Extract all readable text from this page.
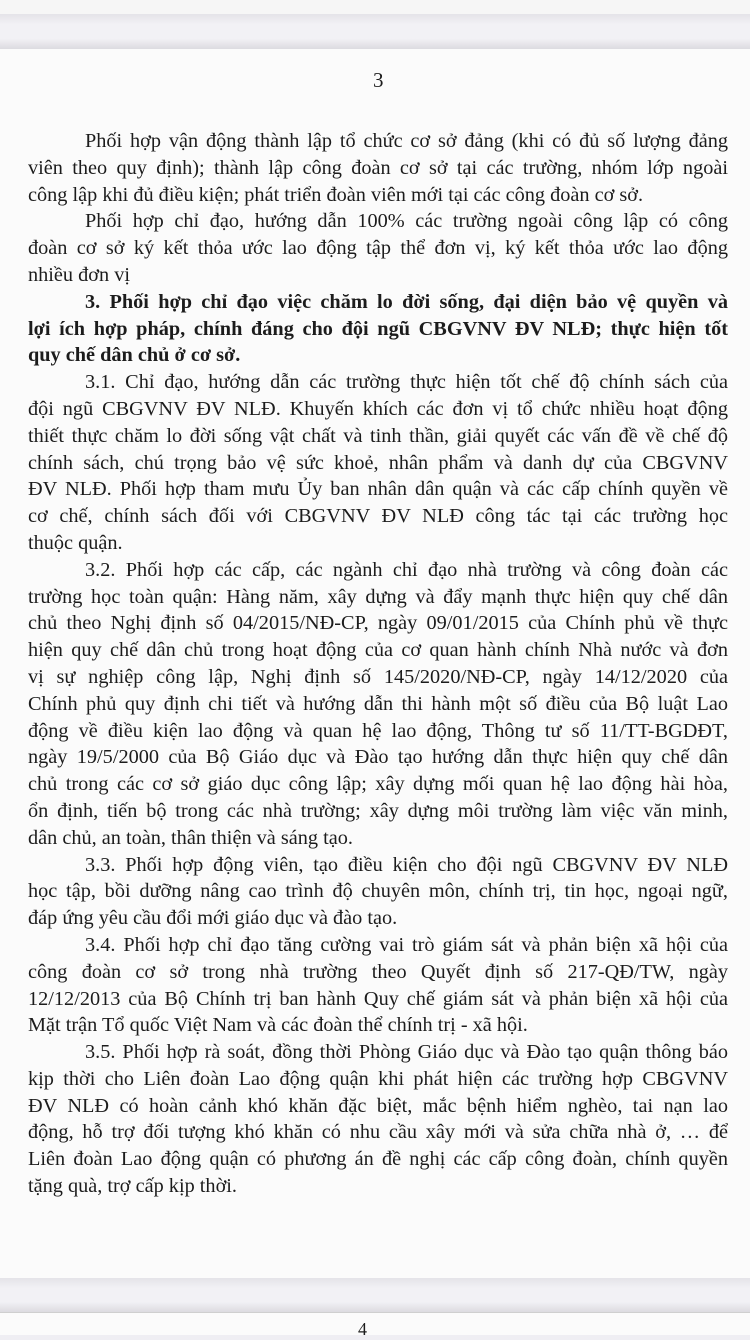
3
Phối hợp vận động thành lập tổ chức cơ sở đảng (khi có đủ số lượng đảng
viên theo quy định); thành lập công đoàn cơ sở tại các trường, nhóm lớp ngoài
công lập khi đủ điều kiện; phát triển đoàn viên mới tại các công đoàn cơ sở.
Phối hợp chỉ đạo, hướng dẫn 100% các trường ngoài công lập có công
đoàn cơ sở ký kết thỏa ước lao động tập thể đơn vị, ký kết thỏa ước lao động
nhiều đơn vị
3. Phối hợp chỉ đạo việc chăm lo đời sống, đại diện bảo vệ quyền và
lợi ích hợp pháp, chính đáng cho đội ngũ CBGVNV ĐV NLĐ; thực hiện tốt
quy chế dân chủ ở cơ sở.
3.1. Chỉ đạo, hướng dẫn các trường thực hiện tốt chế độ chính sách của
đội ngũ CBGVNV ĐV NLĐ. Khuyến khích các đơn vị tổ chức nhiều hoạt động
thiết thực chăm lo đời sống vật chất và tinh thần, giải quyết các vấn đề về chế độ
chính sách, chú trọng bảo vệ sức khoẻ, nhân phẩm và danh dự của CBGVNV
ĐV NLĐ. Phối hợp tham mưu Ủy ban nhân dân quận và các cấp chính quyền về
cơ chế, chính sách đối với CBGVNV ĐV NLĐ công tác tại các trường học
thuộc quận.
3.2. Phối hợp các cấp, các ngành chỉ đạo nhà trường và công đoàn các
trường học toàn quận: Hàng năm, xây dựng và đẩy mạnh thực hiện quy chế dân
chủ theo Nghị định số 04/2015/NĐ-CP, ngày 09/01/2015 của Chính phủ về thực
hiện quy chế dân chủ trong hoạt động của cơ quan hành chính Nhà nước và đơn
vị sự nghiệp công lập, Nghị định số 145/2020/NĐ-CP, ngày 14/12/2020 của
Chính phủ quy định chi tiết và hướng dẫn thi hành một số điều của Bộ luật Lao
động về điều kiện lao động và quan hệ lao động, Thông tư số 11/TT-BGDĐT,
ngày 19/5/2000 của Bộ Giáo dục và Đào tạo hướng dẫn thực hiện quy chế dân
chủ trong các cơ sở giáo dục công lập; xây dựng mối quan hệ lao động hài hòa,
ổn định, tiến bộ trong các nhà trường; xây dựng môi trường làm việc văn minh,
dân chủ, an toàn, thân thiện và sáng tạo.
3.3. Phối hợp động viên, tạo điều kiện cho đội ngũ CBGVNV ĐV NLĐ
học tập, bồi dưỡng nâng cao trình độ chuyên môn, chính trị, tin học, ngoại ngữ,
đáp ứng yêu cầu đổi mới giáo dục và đào tạo.
3.4. Phối hợp chỉ đạo tăng cường vai trò giám sát và phản biện xã hội của
công đoàn cơ sở trong nhà trường theo Quyết định số 217-QĐ/TW, ngày
12/12/2013 của Bộ Chính trị ban hành Quy chế giám sát và phản biện xã hội của
Mặt trận Tổ quốc Việt Nam và các đoàn thể chính trị - xã hội.
3.5. Phối hợp rà soát, đồng thời Phòng Giáo dục và Đào tạo quận thông báo
kịp thời cho Liên đoàn Lao động quận khi phát hiện các trường hợp CBGVNV
ĐV NLĐ có hoàn cảnh khó khăn đặc biệt, mắc bệnh hiểm nghèo, tai nạn lao
động, hỗ trợ đối tượng khó khăn có nhu cầu xây mới và sửa chữa nhà ở, … để
Liên đoàn Lao động quận có phương án đề nghị các cấp công đoàn, chính quyền
tặng quà, trợ cấp kịp thời.
4
